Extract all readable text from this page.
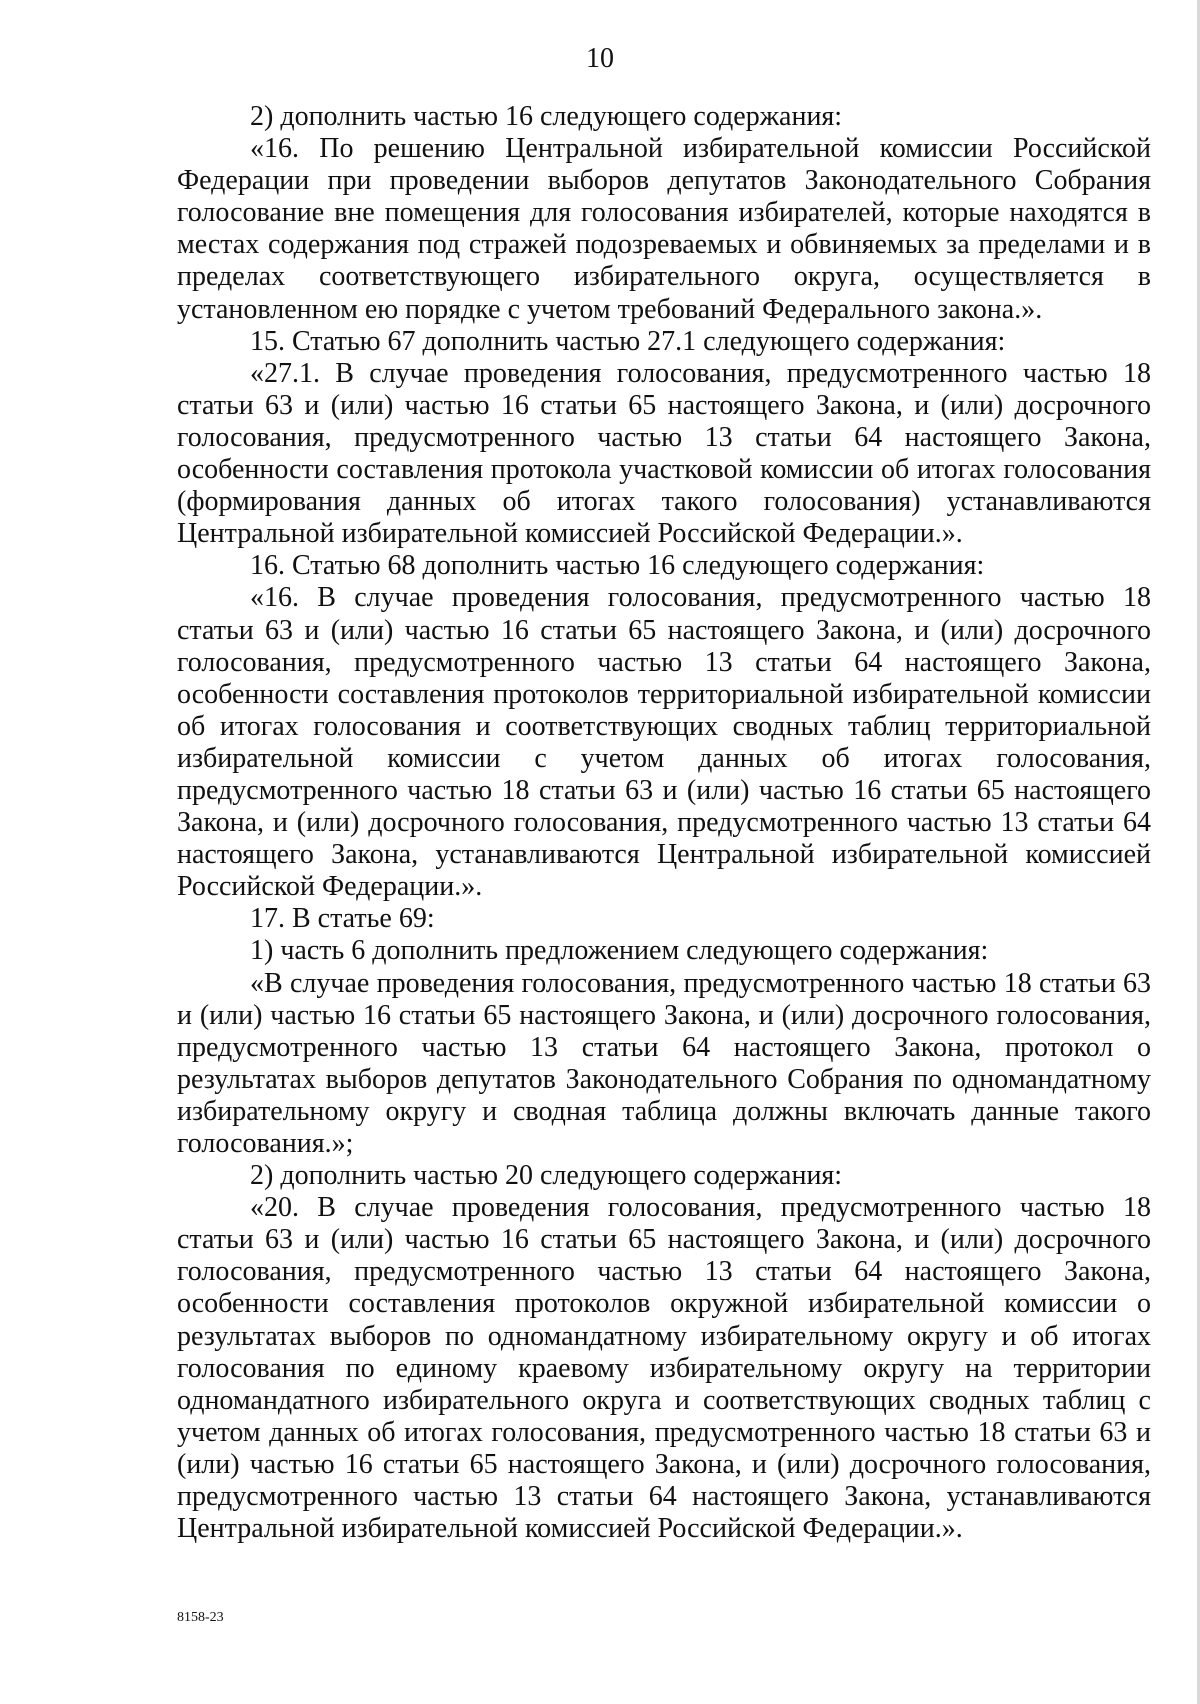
10

2) дополнить частью 16 следующего содержания:

«16. По решению Центральной избирательной комиссии Российской Федерации при проведении выборов депутатов Законодательного Собрания голосование вне помещения для голосования избирателей, которые находятся в местах содержания под стражей подозреваемых и обвиняемых за пределами и в пределах соответствующего избирательного округа, осуществляется в установленном ею порядке с учетом требований Федерального закона.».

15. Статью 67 дополнить частью 27.1 следующего содержания:

«27.1. В случае проведения голосования, предусмотренного частью 18 статьи 63 и (или) частью 16 статьи 65 настоящего Закона, и (или) досрочного голосования, предусмотренного частью 13 статьи 64 настоящего Закона, особенности составления протокола участковой комиссии об итогах голосования (формирования данных об итогах такого голосования) устанавливаются Центральной избирательной комиссией Российской Федерации.».

16. Статью 68 дополнить частью 16 следующего содержания:

«16. В случае проведения голосования, предусмотренного частью 18 статьи 63 и (или) частью 16 статьи 65 настоящего Закона, и (или) досрочного голосования, предусмотренного частью 13 статьи 64 настоящего Закона, особенности составления протоколов территориальной избирательной комиссии об итогах голосования и соответствующих сводных таблиц территориальной избирательной комиссии с учетом данных об итогах голосования, предусмотренного частью 18 статьи 63 и (или) частью 16 статьи 65 настоящего Закона, и (или) досрочного голосования, предусмотренного частью 13 статьи 64 настоящего Закона, устанавливаются Центральной избирательной комиссией Российской Федерации.».

17. В статье 69:

1) часть 6 дополнить предложением следующего содержания:

«В случае проведения голосования, предусмотренного частью 18 статьи 63 и (или) частью 16 статьи 65 настоящего Закона, и (или) досрочного голосования, предусмотренного частью 13 статьи 64 настоящего Закона, протокол о результатах выборов депутатов Законодательного Собрания по одномандатному избирательному округу и сводная таблица должны включать данные такого голосования.»;

2) дополнить частью 20 следующего содержания:

«20. В случае проведения голосования, предусмотренного частью 18 статьи 63 и (или) частью 16 статьи 65 настоящего Закона, и (или) досрочного голосования, предусмотренного частью 13 статьи 64 настоящего Закона, особенности составления протоколов окружной избирательной комиссии о результатах выборов по одномандатному избирательному округу и об итогах голосования по единому краевому избирательному округу на территории одномандатного избирательного округа и соответствующих сводных таблиц с учетом данных об итогах голосования, предусмотренного частью 18 статьи 63 и (или) частью 16 статьи 65 настоящего Закона, и (или) досрочного голосования, предусмотренного частью 13 статьи 64 настоящего Закона, устанавливаются Центральной избирательной комиссией Российской Федерации.».

8158-23
